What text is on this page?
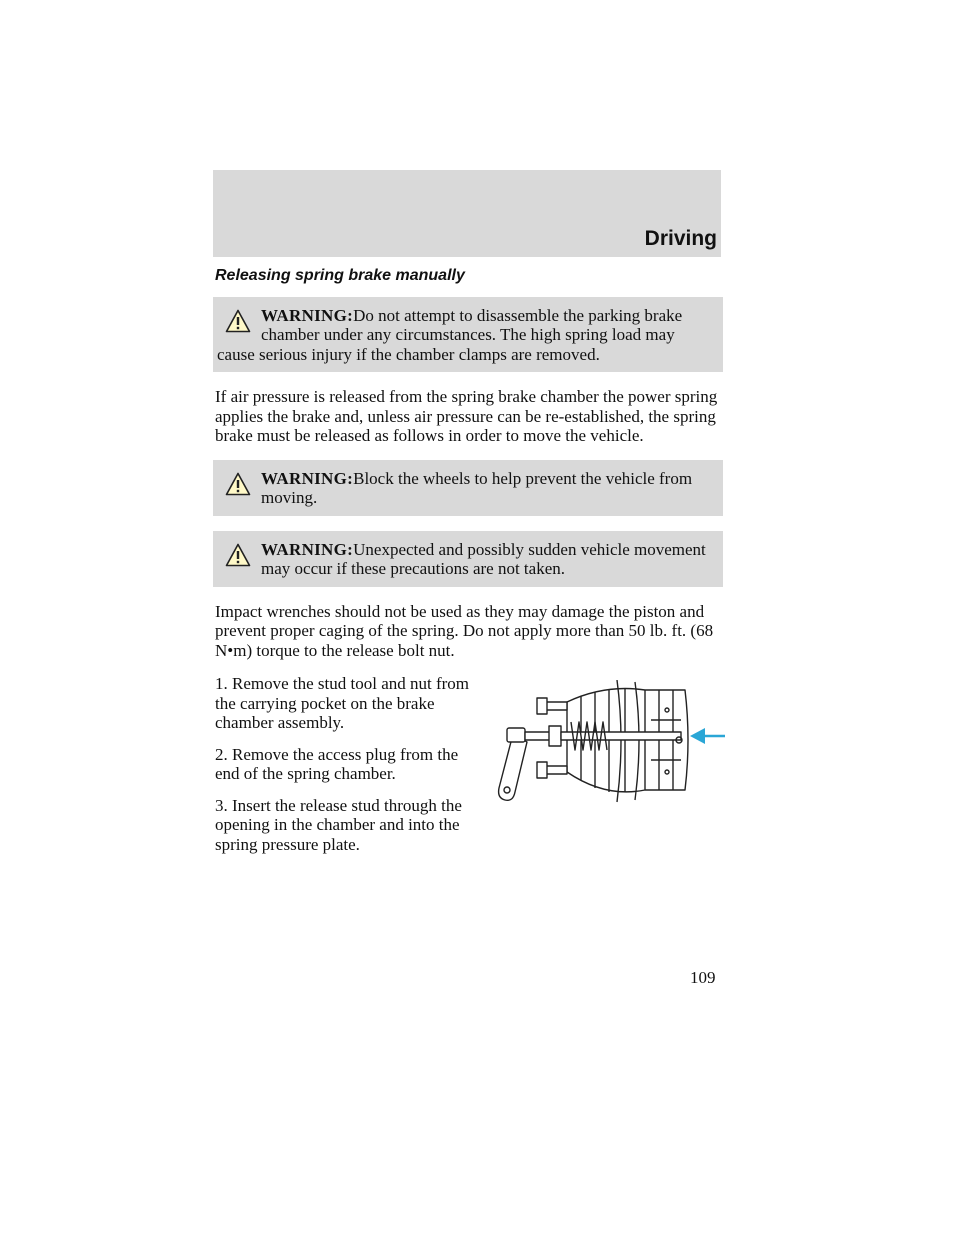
Driving
Releasing spring brake manually
WARNING:Do not attempt to disassemble the parking brake
chamber under any circumstances. The high spring load may

cause serious injury if the chamber clamps are removed.

If air pressure is released from the spring brake chamber the power spring applies the brake and, unless air pressure can be re-established, the spring brake must be released as follows in order to move the vehicle.

WARNING:Block the wheels to help prevent the vehicle from moving.
WARNING:Unexpected and possibly sudden vehicle movement may occur if these precautions are not taken.

Impact wrenches should not be used as they may damage the piston and prevent proper caging of the spring. Do not apply more than 50 lb. ft. (68 N•m) torque to the release bolt nut.

1. Remove the stud tool and nut from the carrying pocket on the brake chamber assembly.

2. Remove the access plug from the end of the spring chamber.

3. Insert the release stud through the opening in the chamber and into the spring pressure plate.

109
